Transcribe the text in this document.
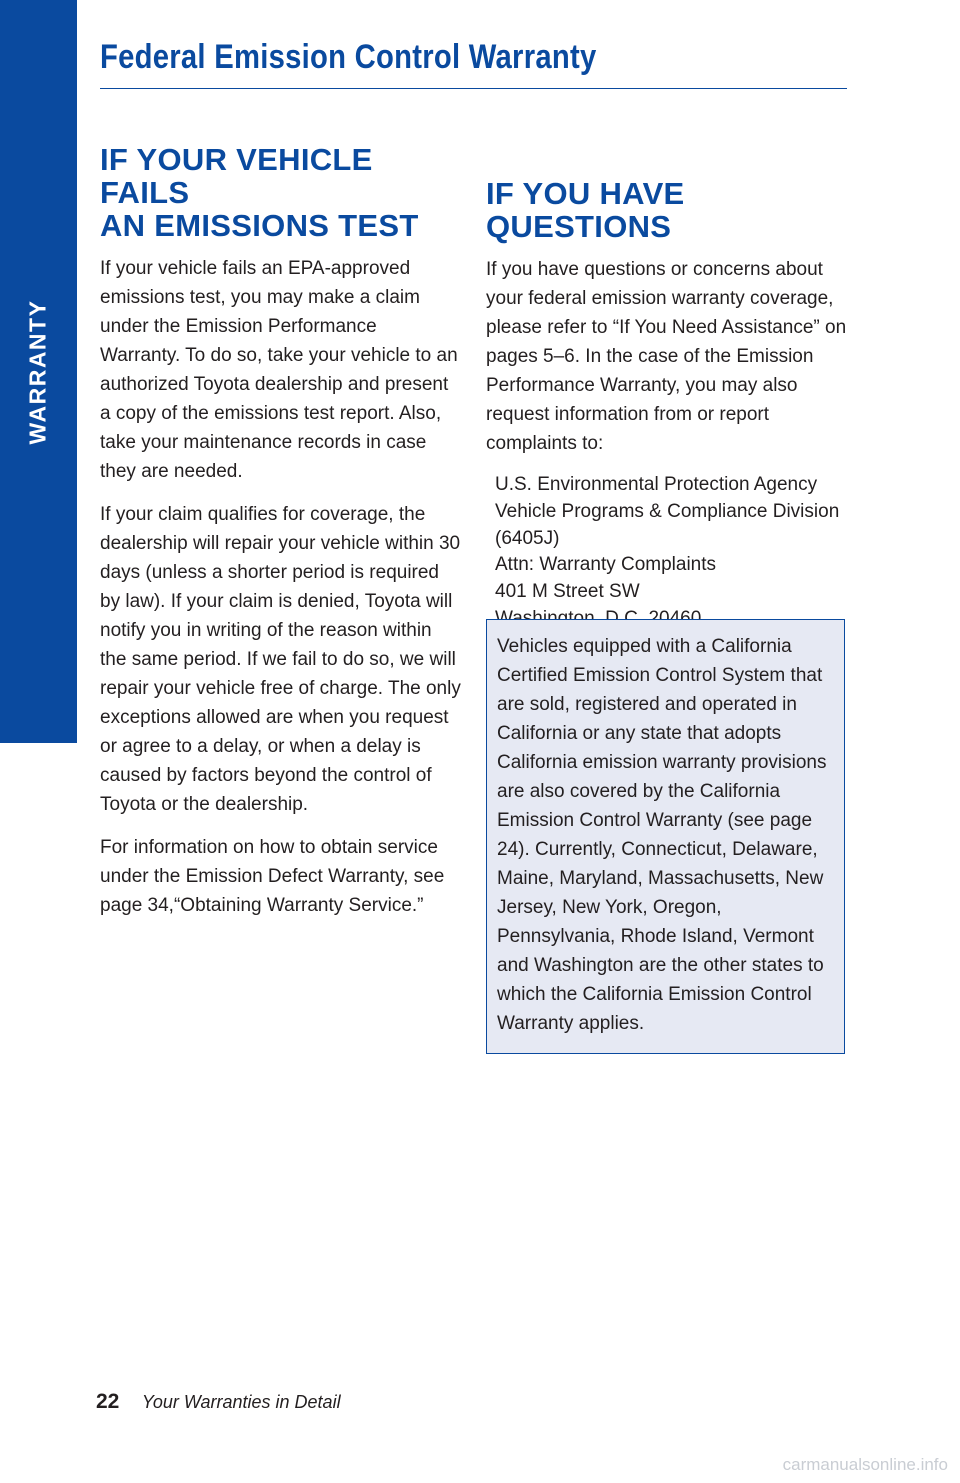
WARRANTY
Federal Emission Control Warranty
IF YOUR VEHICLE FAILS
AN EMISSIONS TEST

If your vehicle fails an EPA-approved emissions test, you may make a claim under the Emission Performance Warranty. To do so, take your vehicle to an authorized Toyota dealership and present a copy of the emissions test report. Also, take your maintenance records in case they are needed.

If your claim qualifies for coverage, the dealership will repair your vehicle within 30 days (unless a shorter period is required by law). If your claim is denied, Toyota will notify you in writing of the reason within the same period. If we fail to do so, we will repair your vehicle free of charge. The only exceptions allowed are when you request or agree to a delay, or when a delay is caused by factors beyond the control of Toyota or the dealership.

For information on how to obtain service under the Emission Defect Warranty, see page 34,“Obtaining Warranty Service.”

IF YOU HAVE QUESTIONS

If you have questions or concerns about your federal emission warranty coverage, please refer to “If You Need Assistance” on pages 5–6. In the case of the Emission Performance Warranty, you may also request information from or report complaints to:

U.S. Environmental Protection Agency
Vehicle Programs & Compliance Division
(6405J)
Attn: Warranty Complaints
401 M Street SW

Vehicles equipped with a California Certified Emission Control System that are sold, registered and operated in California or any state that adopts California emission warranty provisions are also covered by the California Emission Control Warranty (see page 24). Currently, Connecticut, Delaware, Maine, Maryland, Massachusetts, New Jersey, New York, Oregon, Pennsylvania, Rhode Island, Vermont and Washington are the other states to which the California Emission Control Warranty applies.

22 Your Warranties in Detail
carmanualsonline.info
